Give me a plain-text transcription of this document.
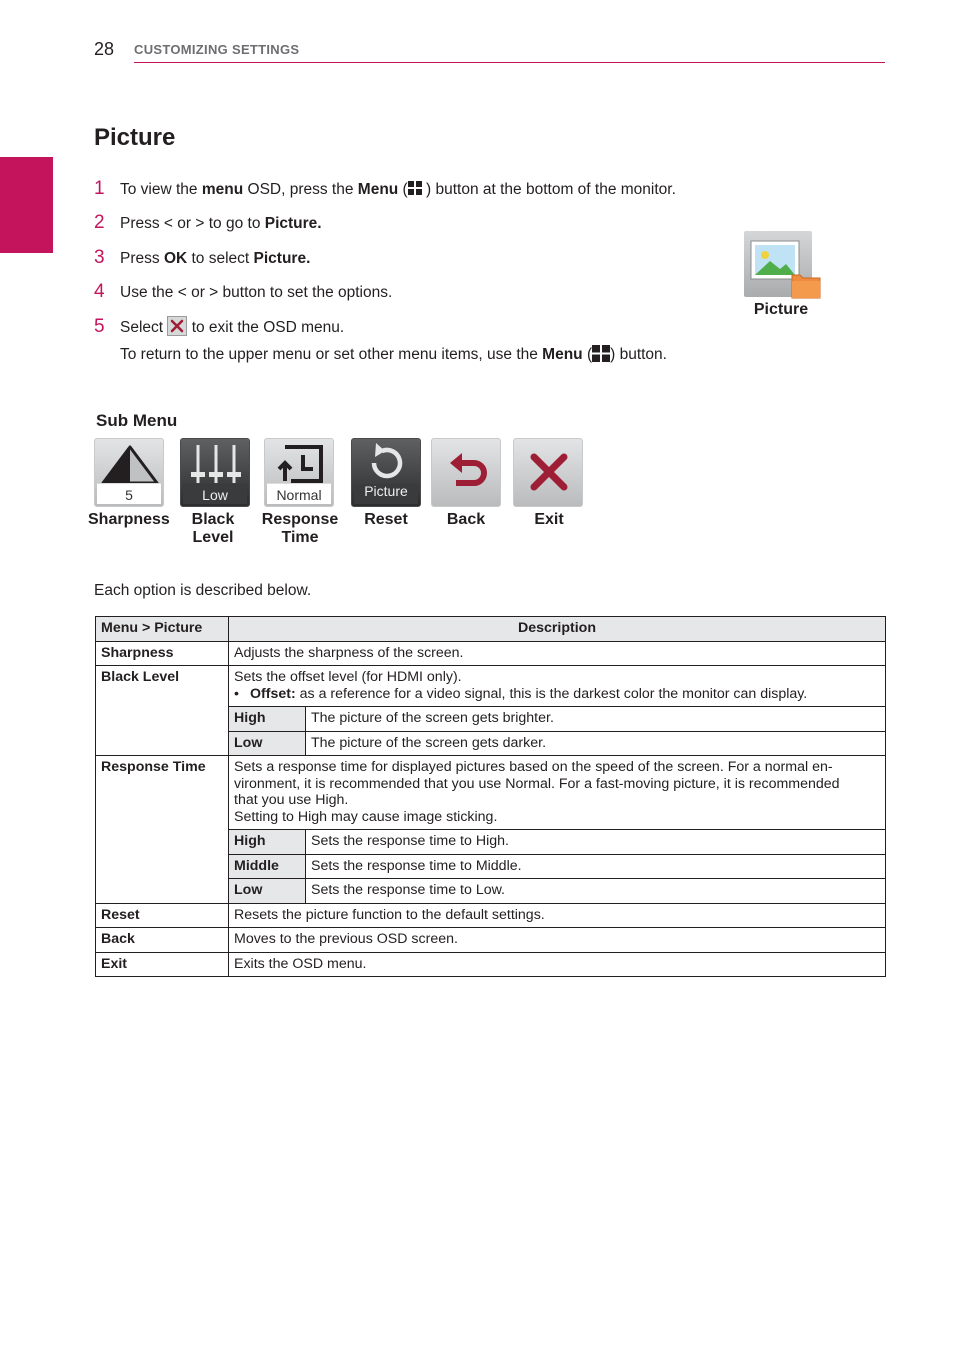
28 CUSTOMIZING SETTINGS
ENGLISH
Picture
1 To view the menu OSD, press the Menu ( ) button at the bottom of the monitor.
2 Press < or > to go to Picture.
3 Press OK to select Picture.
4 Use the < or > button to set the options.
5 Select
to exit the OSD menu.
To return to the upper menu or set other menu items, use the Menu ( ) button.
Picture
Sub Menu
5	Low	Normal	Picture
Sharpness	Black Level
Response
Time
Reset	Back	Exit
Each option is described below.
Menu > Picture	Description	
Sharpness	Adjusts the sharpness of the screen.	
Black Level	Sets the offset level (for HDMI only).
• Offset: as a reference for a video signal, this is the darkest color the monitor can display.	
	High	The picture of the screen gets brighter.
	Low	The picture of the screen gets darker.
Response Time	Sets a response time for displayed pictures based on the speed of the screen. For a normal en-
vironment, it is recommended that you use Normal. For a fast-moving picture, it is recommended
that you use High.
Setting to High may cause image sticking.	
	High	Sets the response time to High.
	Middle	Sets the response time to Middle.
	Low	Sets the response time to Low.
Reset	Resets the picture function to the default settings.	
Back	Moves to the previous OSD screen.	
Exit	Exits the OSD menu.	
